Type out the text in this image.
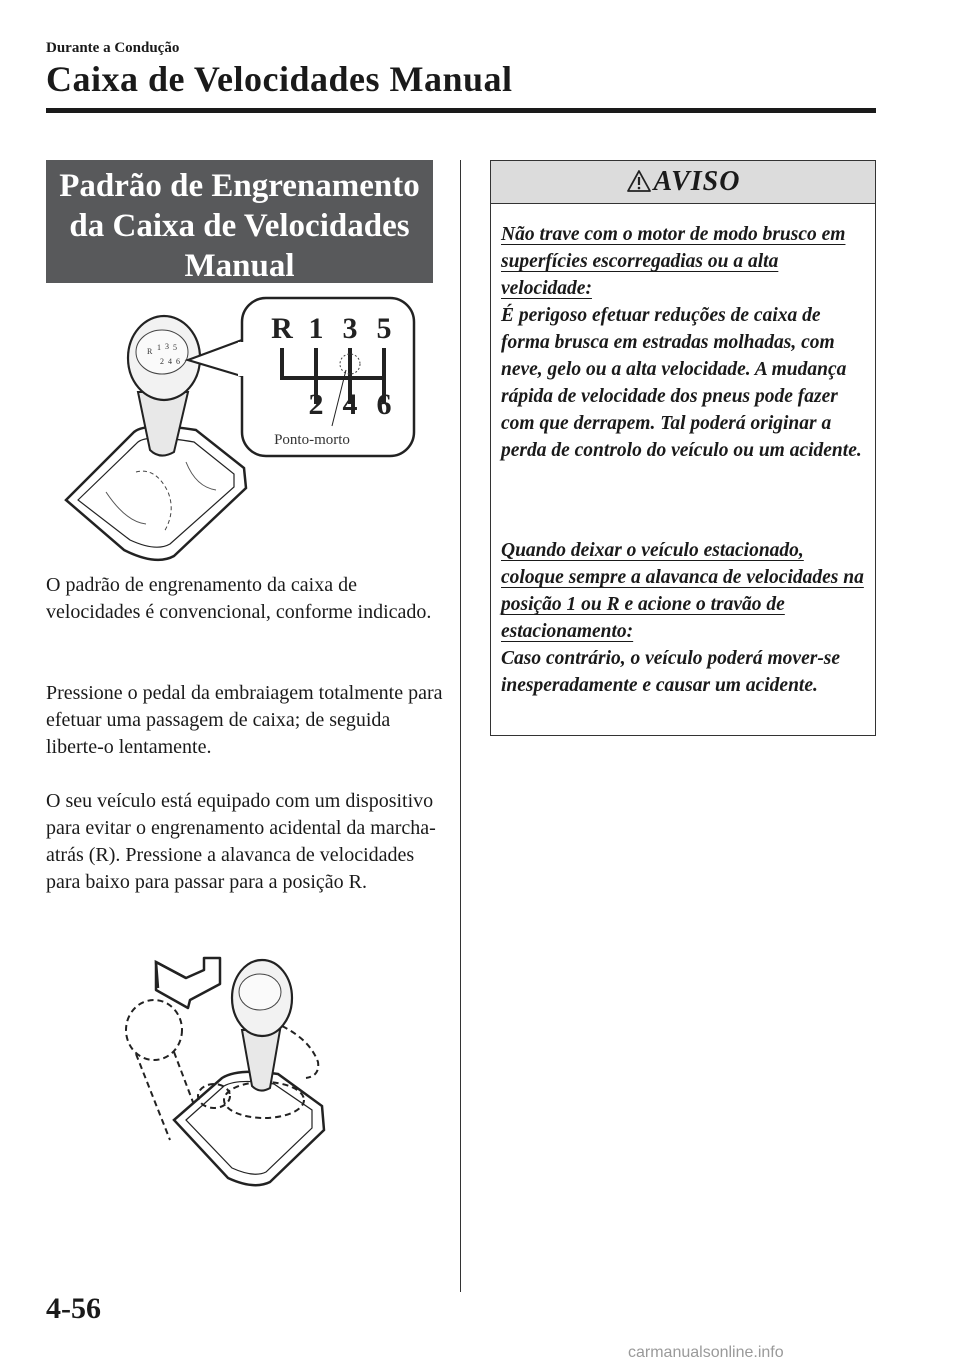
Durante a Condução
Caixa de Velocidades Manual
Padrão de Engrenamento
da Caixa de Velocidades
Manual
R 1 3 5
2 4 6
R 1 3 5
2 4 6
Ponto-morto
O padrão de engrenamento da caixa de velocidades é convencional, conforme indicado.
Pressione o pedal da embraiagem totalmente para efetuar uma passagem de caixa; de seguida liberte-o lentamente.
O seu veículo está equipado com um dispositivo para evitar o engrenamento acidental da marcha-atrás (R). Pressione a alavanca de velocidades para baixo para passar para a posição R.
AVISO
Não trave com o motor de modo brusco em superfícies escorregadias ou a alta velocidade:
É perigoso efetuar reduções de caixa de forma brusca em estradas molhadas, com neve, gelo ou a alta velocidade. A mudança rápida de velocidade dos pneus pode fazer com que derrapem. Tal poderá originar a perda de controlo do veículo ou um acidente.
Quando deixar o veículo estacionado, coloque sempre a alavanca de velocidades na posição 1 ou R e acione o travão de estacionamento:
Caso contrário, o veículo poderá mover-se inesperadamente e causar um acidente.
4-56
carmanualsonline.info
